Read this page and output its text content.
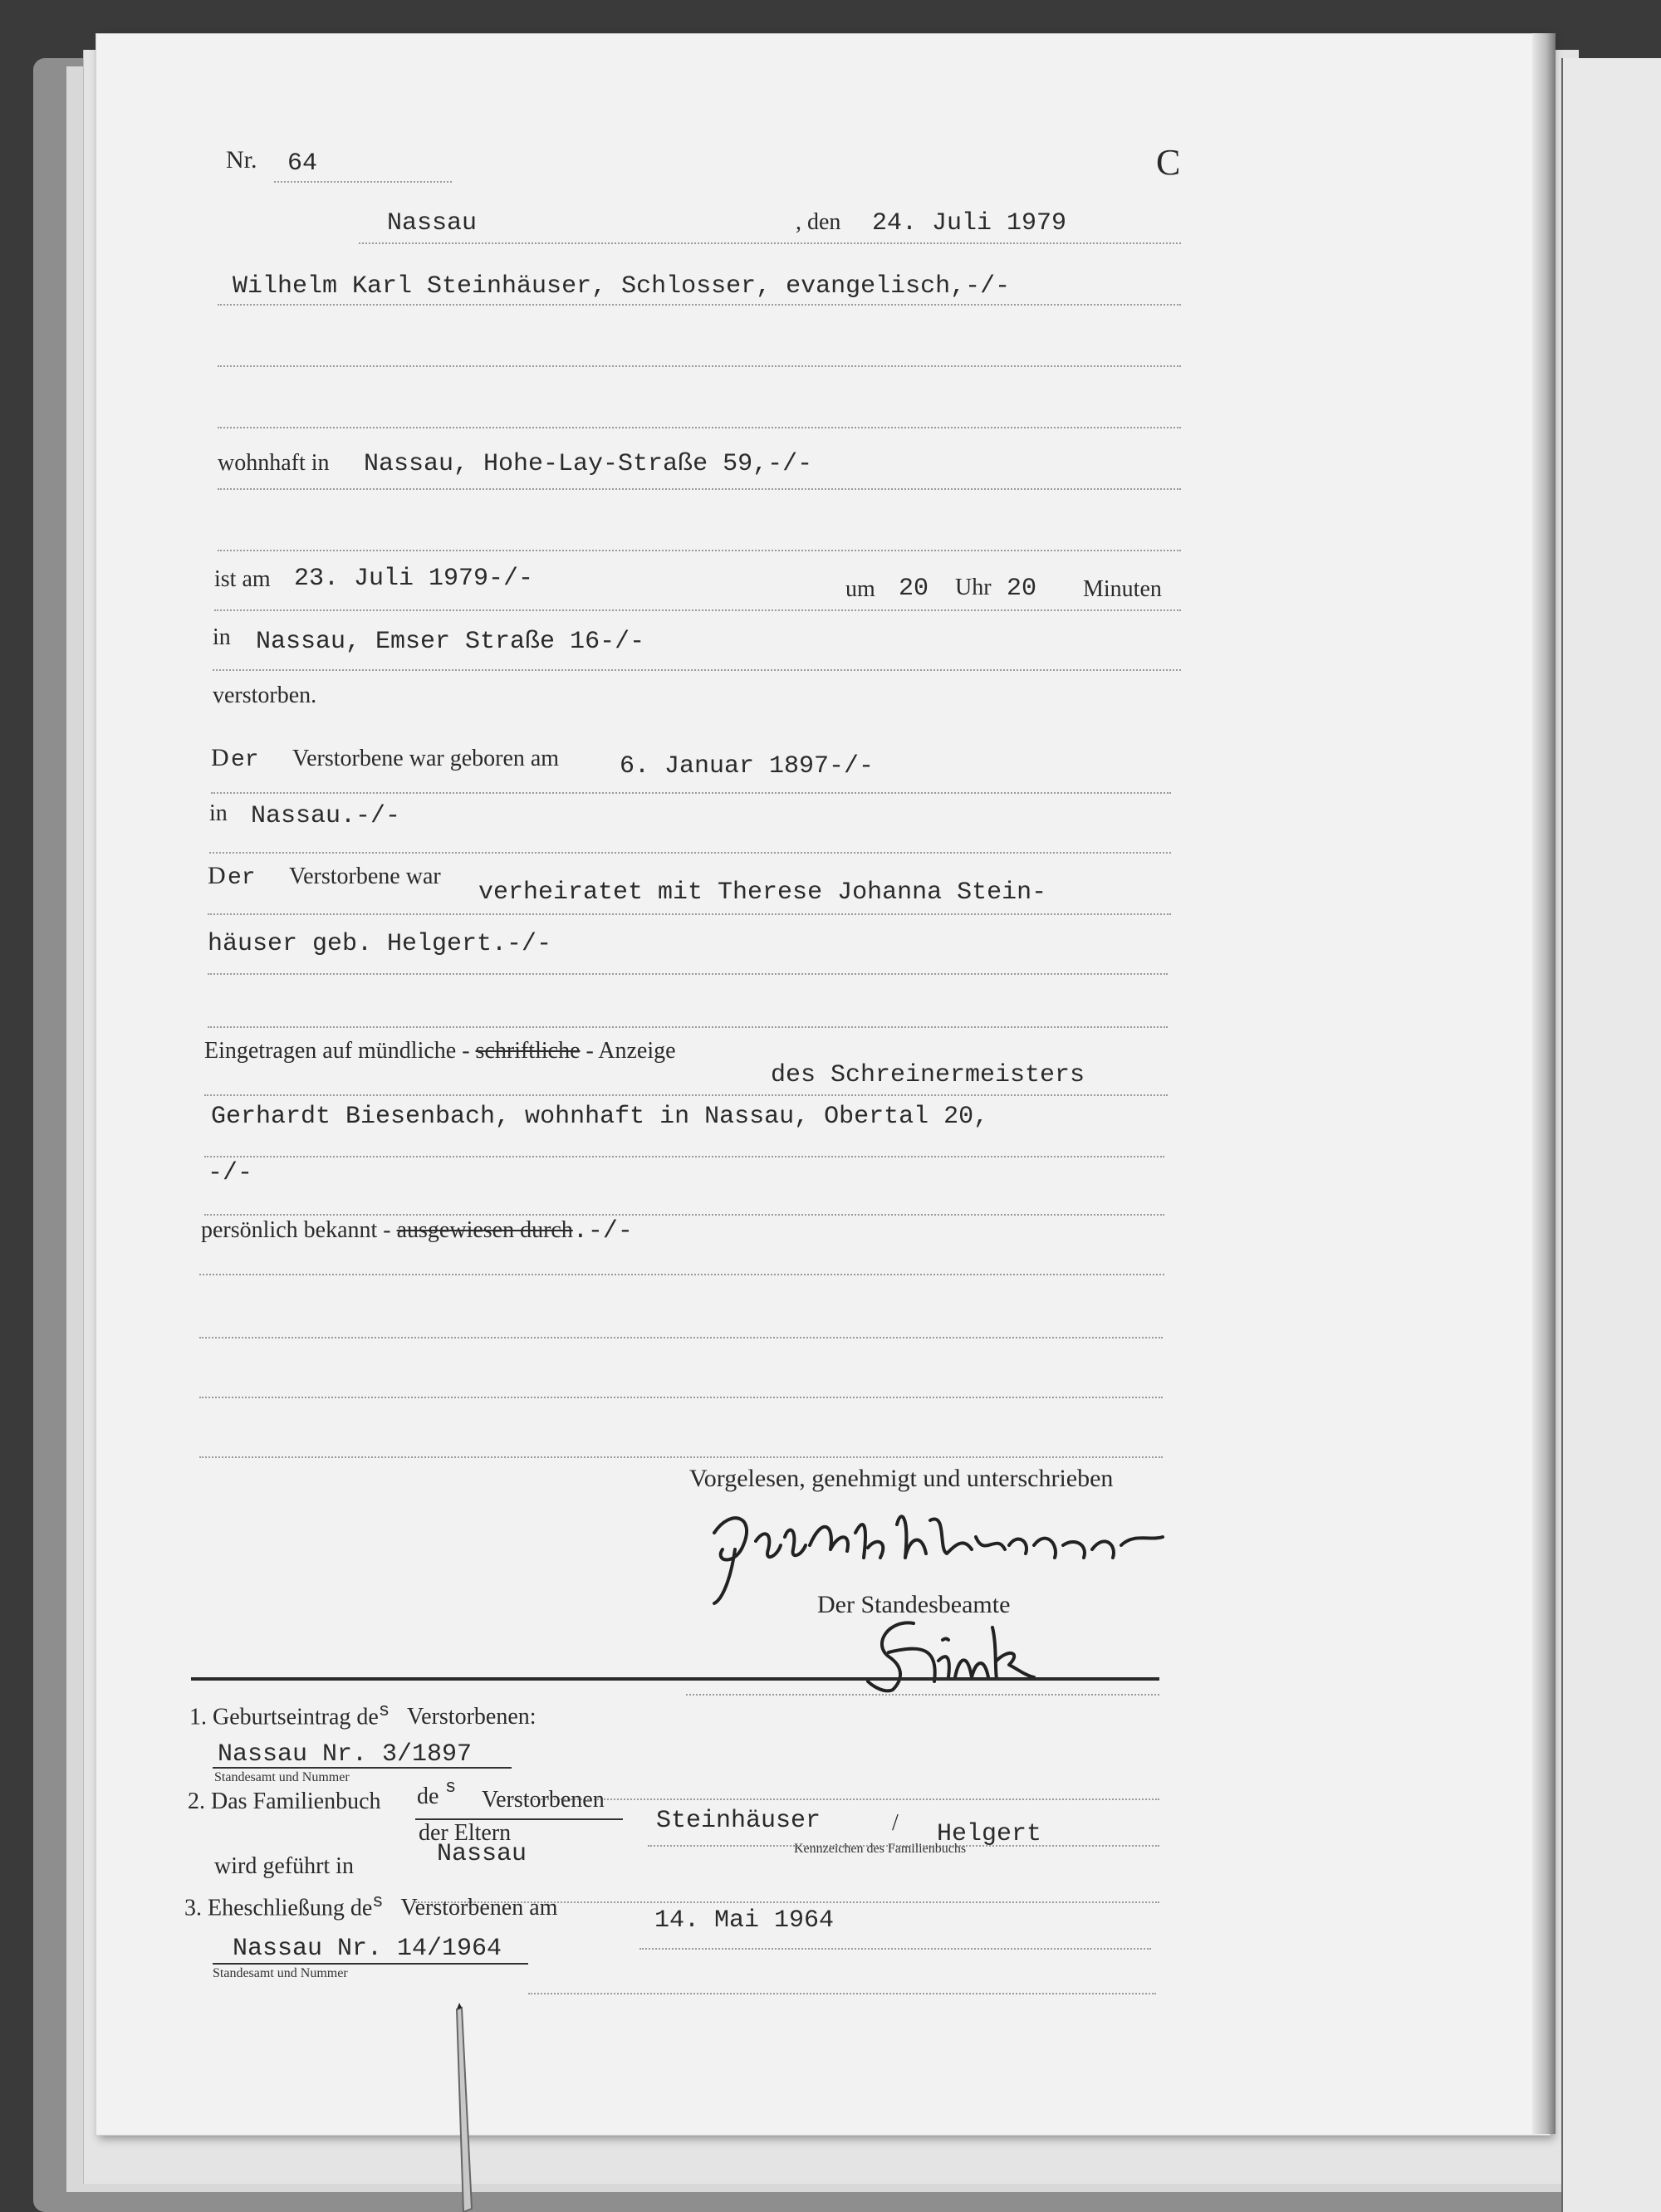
Nr. 64	C
Nassau	, den 24. Juli 1979
Wilhelm Karl Steinhäuser, Schlosser, evangelisch,-/-
wohnhaft in Nassau, Hohe-Lay-Straße 59,-/-
ist am 23. Juli 1979-/-	um 20 Uhr 20 Minuten
in Nassau, Emser Straße 16-/-
verstorben.
D er Verstorbene war geboren am 6. Januar 1897-/-
in Nassau.-/-
D er Verstorbene war
verheiratet mit Therese Johanna Stein-
häuser geb. Helgert.-/-
Eingetragen auf mündliche - schriftliche - Anzeige
des Schreinermeisters
Gerhardt Biesenbach, wohnhaft in Nassau, Obertal 20,
-/-
persönlich bekannt - ausgewiesen durch.-/-
Vorgelesen, genehmigt und unterschrieben
Der Standesbeamte
1. Geburtseintrag $de^s$ Verstorbenen:
Nassau Nr. 3/1897
Standesamt und Nummer
2. Das Familienbuch de s Verstorbenen
der Eltern	Steinhäuser	/ Helgert
Kennzeichen des Familienbuchs
wird geführt in	Nassau
3. Eheschließung $de^s$ Verstorbenen am	14. Mai 1964
Nassau Nr. 14/1964
Standesamt und Nummer
